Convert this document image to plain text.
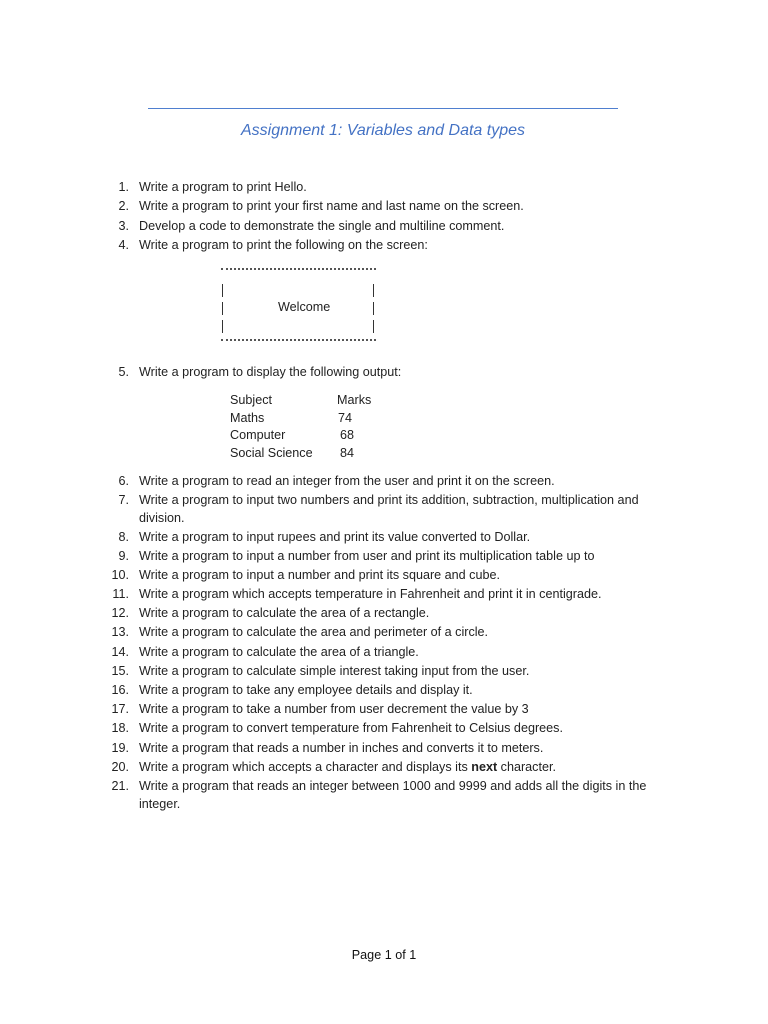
Assignment 1: Variables and Data types
1. Write a program to print Hello.
2. Write a program to print your first name and last name on the screen.
3. Develop a code to demonstrate the single and multiline comment.
4. Write a program to print the following on the screen:
Welcome
5. Write a program to display the following output:
Subject	Marks
Maths	74
Computer	68
Social Science 84
6. Write a program to read an integer from the user and print it on the screen.
7. Write a program to input two numbers and print its addition, subtraction, multiplication and division.
8. Write a program to input rupees and print its value converted to Dollar.
9. Write a program to input a number from user and print its multiplication table up to
10. Write a program to input a number and print its square and cube.
11. Write a program which accepts temperature in Fahrenheit and print it in centigrade.
12. Write a program to calculate the area of a rectangle.
13. Write a program to calculate the area and perimeter of a circle.
14. Write a program to calculate the area of a triangle.
15. Write a program to calculate simple interest taking input from the user.
16. Write a program to take any employee details and display it.
17. Write a program to take a number from user decrement the value by 3
18. Write a program to convert temperature from Fahrenheit to Celsius degrees.
19. Write a program that reads a number in inches and converts it to meters.
20. Write a program which accepts a character and displays its next character.
21. Write a program that reads an integer between 1000 and 9999 and adds all the digits in the integer.
Page 1 of 1
